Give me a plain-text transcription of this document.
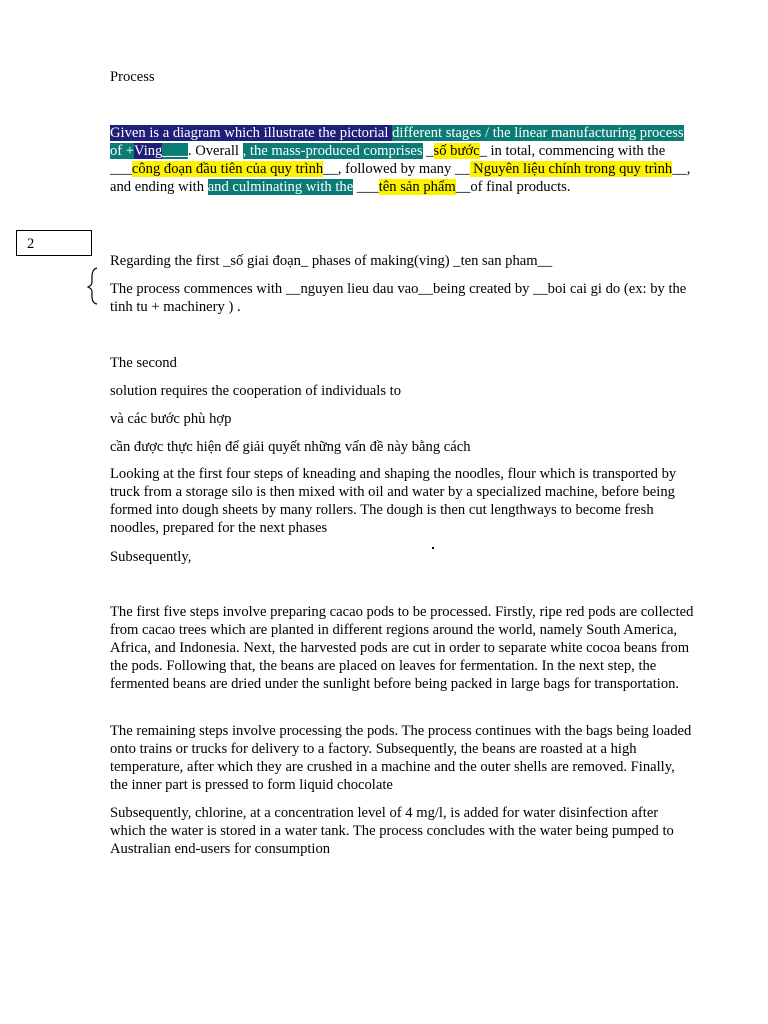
Process

Given is a diagram which illustrate the pictorial different stages / the linear manufacturing process of +Ving ___. Overall , the mass-produced comprises _số bước_ in total, commencing with the ___công đoạn đầu tiên của quy trình__, followed by many __ Nguyên liệu chính trong quy trình__, and ending with and culminating with the ___tên sản phẩm__of final products.

2

Regarding the first _số giai đoạn_ phases of making(ving) _ten san pham__

The process commences with __nguyen lieu dau vao__being created by __boi cai gi do (ex: by the tinh tu + machinery ) .

The second

solution requires the cooperation of individuals to

và các bước phù hợp

cần được thực hiện để giải quyết những vấn đề này bằng cách

Looking at the first four steps of kneading and shaping the noodles, flour which is transported by truck from a storage silo is then mixed with oil and water by a specialized machine, before being formed into dough sheets by many rollers. The dough is then cut lengthways to become fresh noodles, prepared for the next phases

Subsequently,

The first five steps involve preparing cacao pods to be processed. Firstly, ripe red pods are collected from cacao trees which are planted in different regions around the world, namely South America, Africa, and Indonesia. Next, the harvested pods are cut in order to separate white cocoa beans from the pods. Following that, the beans are placed on leaves for fermentation. In the next step, the fermented beans are dried under the sunlight before being packed in large bags for transportation.

The remaining steps involve processing the pods. The process continues with the bags being loaded onto trains or trucks for delivery to a factory. Subsequently, the beans are roasted at a high temperature, after which they are crushed in a machine and the outer shells are removed. Finally, the inner part is pressed to form liquid chocolate

Subsequently, chlorine, at a concentration level of 4 mg/l, is added for water disinfection after which the water is stored in a water tank. The process concludes with the water being pumped to Australian end-users for consumption
